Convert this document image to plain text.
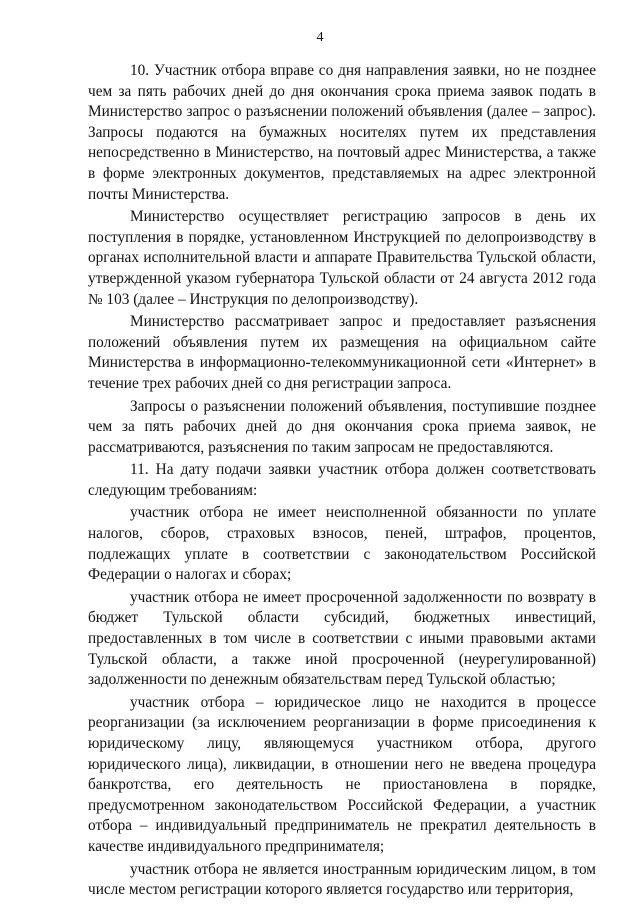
4

10. Участник отбора вправе со дня направления заявки, но не позднее чем за пять рабочих дней до дня окончания срока приема заявок подать в Министерство запрос о разъяснении положений объявления (далее – запрос). Запросы подаются на бумажных носителях путем их представления непосредственно в Министерство, на почтовый адрес Министерства, а также в форме электронных документов, представляемых на адрес электронной почты Министерства.

Министерство осуществляет регистрацию запросов в день их поступления в порядке, установленном Инструкцией по делопроизводству в органах исполнительной власти и аппарате Правительства Тульской области, утвержденной указом губернатора Тульской области от 24 августа 2012 года № 103 (далее – Инструкция по делопроизводству).

Министерство рассматривает запрос и предоставляет разъяснения положений объявления путем их размещения на официальном сайте Министерства в информационно-телекоммуникационной сети «Интернет» в течение трех рабочих дней со дня регистрации запроса.

Запросы о разъяснении положений объявления, поступившие позднее чем за пять рабочих дней до дня окончания срока приема заявок, не рассматриваются, разъяснения по таким запросам не предоставляются.

11. На дату подачи заявки участник отбора должен соответствовать следующим требованиям:

участник отбора не имеет неисполненной обязанности по уплате налогов, сборов, страховых взносов, пеней, штрафов, процентов, подлежащих уплате в соответствии с законодательством Российской Федерации о налогах и сборах;

участник отбора не имеет просроченной задолженности по возврату в бюджет Тульской области субсидий, бюджетных инвестиций, предоставленных в том числе в соответствии с иными правовыми актами Тульской области, а также иной просроченной (неурегулированной) задолженности по денежным обязательствам перед Тульской областью;

участник отбора – юридическое лицо не находится в процессе реорганизации (за исключением реорганизации в форме присоединения к юридическому лицу, являющемуся участником отбора, другого юридического лица), ликвидации, в отношении него не введена процедура банкротства, его деятельность не приостановлена в порядке, предусмотренном законодательством Российской Федерации, а участник отбора – индивидуальный предприниматель не прекратил деятельность в качестве индивидуального предпринимателя;

участник отбора не является иностранным юридическим лицом, в том числе местом регистрации которого является государство или территория,
